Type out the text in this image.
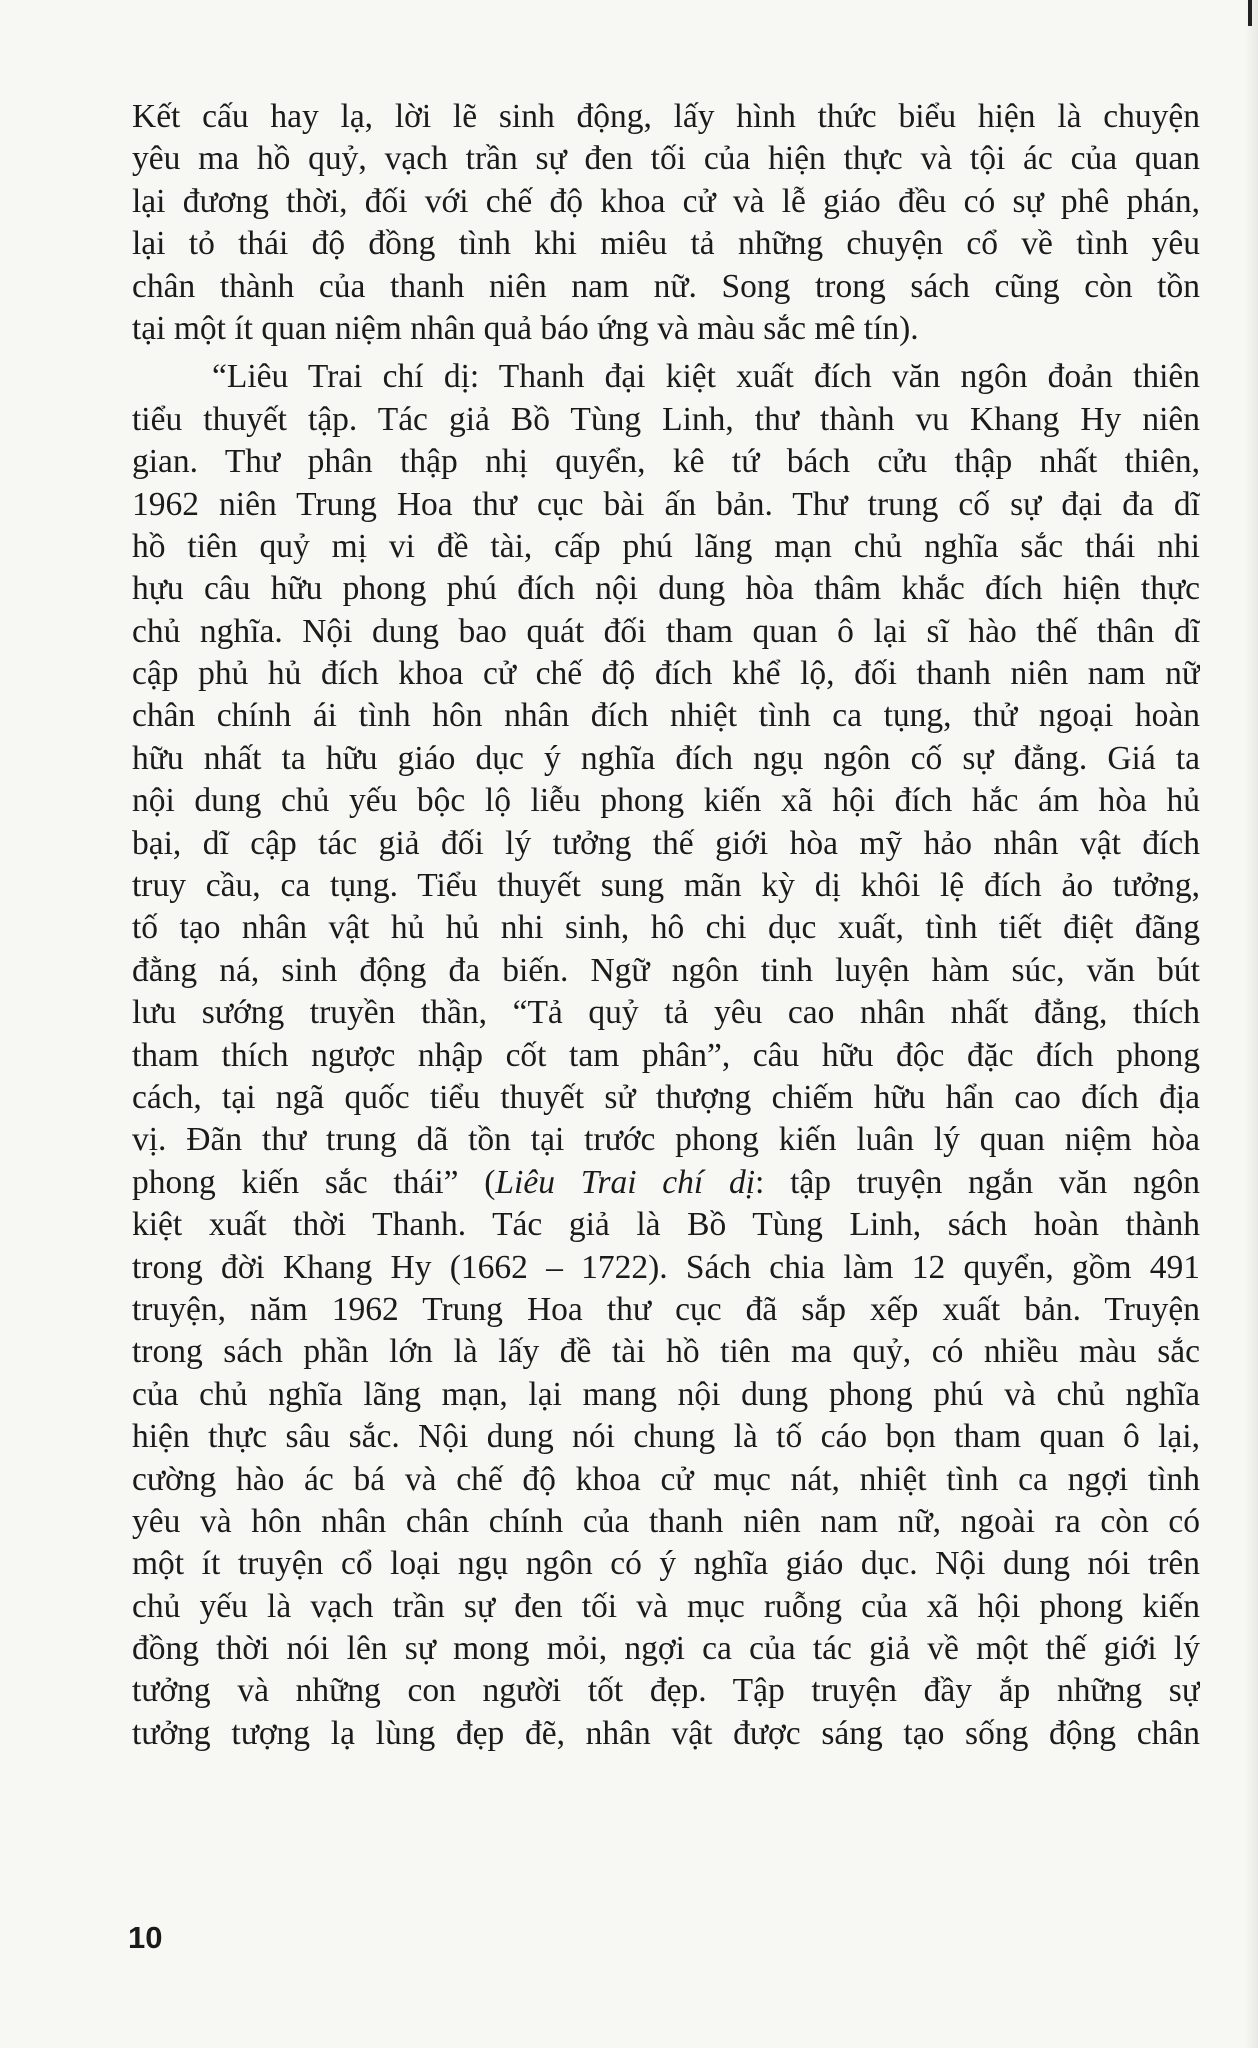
Kết cấu hay lạ, lời lẽ sinh động, lấy hình thức biểu hiện là chuyện
yêu ma hồ quỷ, vạch trần sự đen tối của hiện thực và tội ác của quan
lại đương thời, đối với chế độ khoa cử và lễ giáo đều có sự phê phán,
lại tỏ thái độ đồng tình khi miêu tả những chuyện cổ về tình yêu
chân thành của thanh niên nam nữ. Song trong sách cũng còn tồn
tại một ít quan niệm nhân quả báo ứng và màu sắc mê tín).

“Liêu Trai chí dị: Thanh đại kiệt xuất đích văn ngôn đoản thiên
tiểu thuyết tập. Tác giả Bồ Tùng Linh, thư thành vu Khang Hy niên
gian. Thư phân thập nhị quyển, kê tứ bách cửu thập nhất thiên,
1962 niên Trung Hoa thư cục bài ấn bản. Thư trung cố sự đại đa dĩ
hồ tiên quỷ mị vi đề tài, cấp phú lãng mạn chủ nghĩa sắc thái nhi
hựu câu hữu phong phú đích nội dung hòa thâm khắc đích hiện thực
chủ nghĩa. Nội dung bao quát đối tham quan ô lại sĩ hào thế thân dĩ
cập phủ hủ đích khoa cử chế độ đích khể lộ, đối thanh niên nam nữ
chân chính ái tình hôn nhân đích nhiệt tình ca tụng, thử ngoại hoàn
hữu nhất ta hữu giáo dục ý nghĩa đích ngụ ngôn cố sự đẳng. Giá ta
nội dung chủ yếu bộc lộ liễu phong kiến xã hội đích hắc ám hòa hủ
bại, dĩ cập tác giả đối lý tưởng thế giới hòa mỹ hảo nhân vật đích
truy cầu, ca tụng. Tiểu thuyết sung mãn kỳ dị khôi lệ đích ảo tưởng,
tố tạo nhân vật hủ hủ nhi sinh, hô chi dục xuất, tình tiết điệt đãng
đằng ná, sinh động đa biến. Ngữ ngôn tinh luyện hàm súc, văn bút
lưu sướng truyền thần, “Tả quỷ tả yêu cao nhân nhất đẳng, thích
tham thích ngược nhập cốt tam phân”, câu hữu độc đặc đích phong
cách, tại ngã quốc tiểu thuyết sử thượng chiếm hữu hẩn cao đích địa
vị. Đãn thư trung dã tồn tại trước phong kiến luân lý quan niệm hòa
phong kiến sắc thái” (Liêu Trai chí dị: tập truyện ngắn văn ngôn
kiệt xuất thời Thanh. Tác giả là Bồ Tùng Linh, sách hoàn thành
trong đời Khang Hy (1662 – 1722). Sách chia làm 12 quyển, gồm 491
truyện, năm 1962 Trung Hoa thư cục đã sắp xếp xuất bản. Truyện
trong sách phần lớn là lấy đề tài hồ tiên ma quỷ, có nhiều màu sắc
của chủ nghĩa lãng mạn, lại mang nội dung phong phú và chủ nghĩa
hiện thực sâu sắc. Nội dung nói chung là tố cáo bọn tham quan ô lại,
cường hào ác bá và chế độ khoa cử mục nát, nhiệt tình ca ngợi tình
yêu và hôn nhân chân chính của thanh niên nam nữ, ngoài ra còn có
một ít truyện cổ loại ngụ ngôn có ý nghĩa giáo dục. Nội dung nói trên
chủ yếu là vạch trần sự đen tối và mục ruỗng của xã hội phong kiến
đồng thời nói lên sự mong mỏi, ngợi ca của tác giả về một thế giới lý
tưởng và những con người tốt đẹp. Tập truyện đầy ắp những sự
tưởng tượng lạ lùng đẹp đẽ, nhân vật được sáng tạo sống động chân

10
